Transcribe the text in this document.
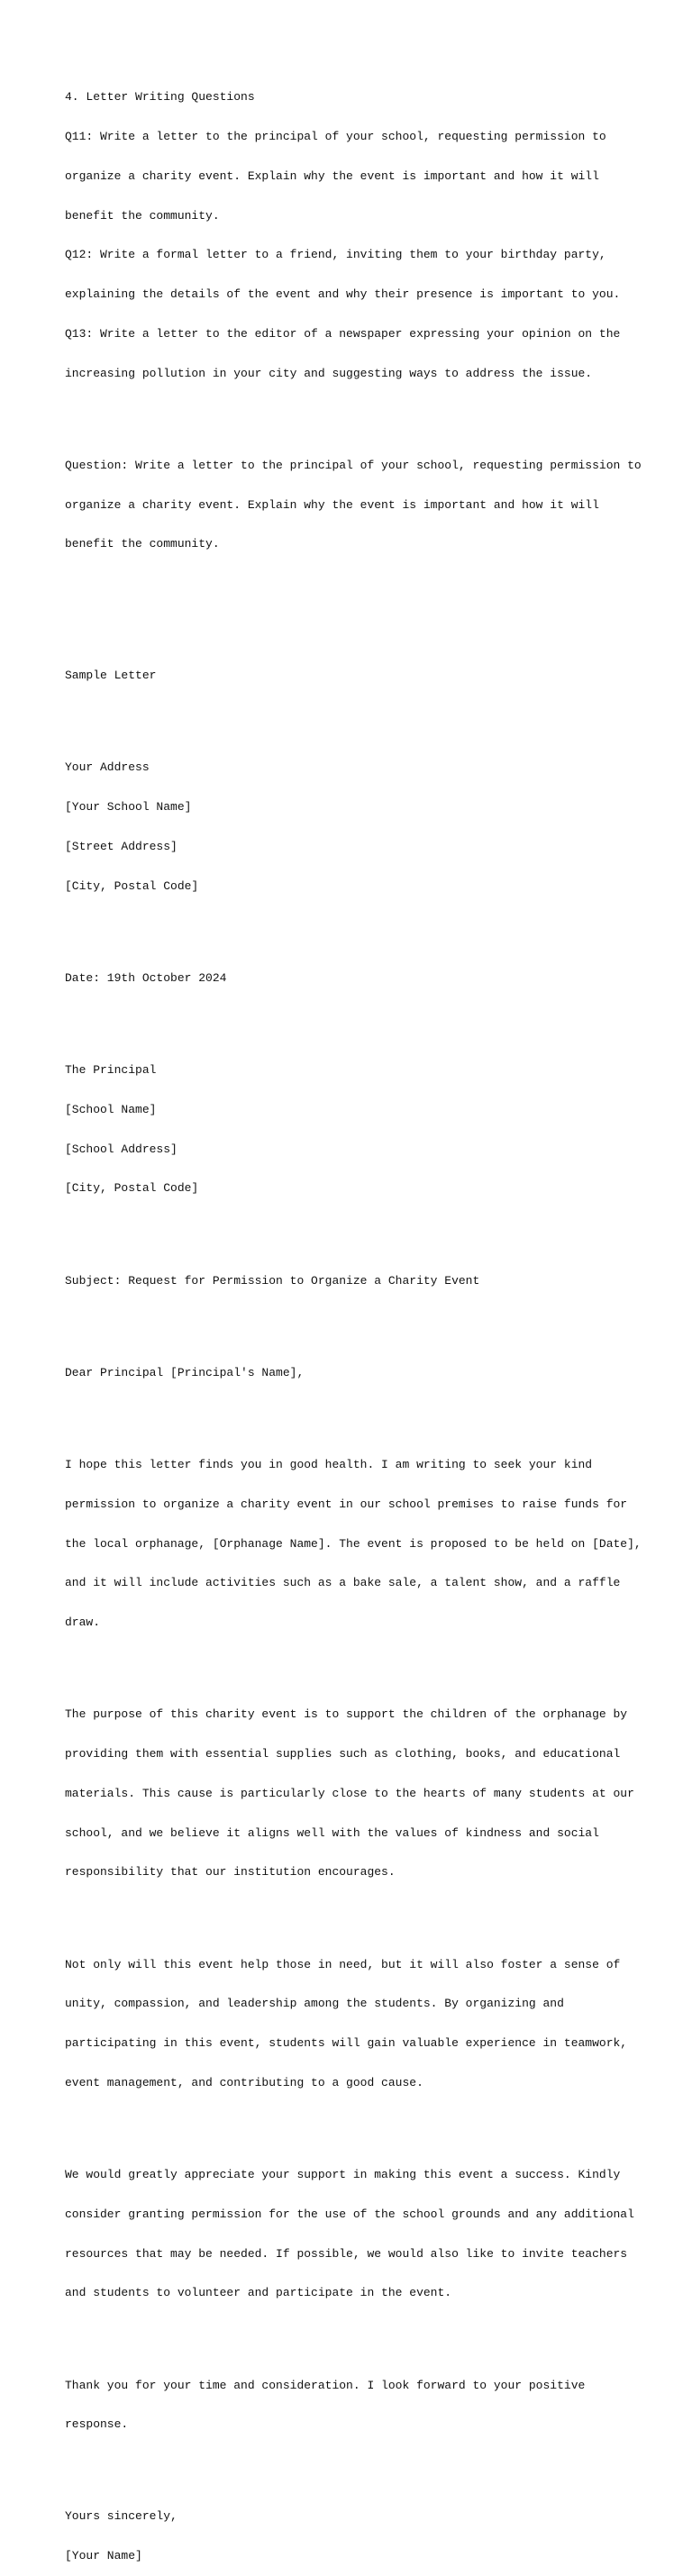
4. Letter Writing Questions

Q11: Write a letter to the principal of your school, requesting permission to

organize a charity event. Explain why the event is important and how it will

benefit the community.

Q12: Write a formal letter to a friend, inviting them to your birthday party,

explaining the details of the event and why their presence is important to you.

Q13: Write a letter to the editor of a newspaper expressing your opinion on the

increasing pollution in your city and suggesting ways to address the issue.

Question: Write a letter to the principal of your school, requesting permission to

organize a charity event. Explain why the event is important and how it will

benefit the community.

Sample Letter

Your Address

[Your School Name]

[Street Address]

[City, Postal Code]

Date: 19th October 2024

The Principal

[School Name]

[School Address]

[City, Postal Code]

Subject: Request for Permission to Organize a Charity Event

Dear Principal [Principal's Name],

I hope this letter finds you in good health. I am writing to seek your kind

permission to organize a charity event in our school premises to raise funds for

the local orphanage, [Orphanage Name]. The event is proposed to be held on [Date],

and it will include activities such as a bake sale, a talent show, and a raffle

draw.

The purpose of this charity event is to support the children of the orphanage by

providing them with essential supplies such as clothing, books, and educational

materials. This cause is particularly close to the hearts of many students at our

school, and we believe it aligns well with the values of kindness and social

responsibility that our institution encourages.

Not only will this event help those in need, but it will also foster a sense of

unity, compassion, and leadership among the students. By organizing and

participating in this event, students will gain valuable experience in teamwork,

event management, and contributing to a good cause.

We would greatly appreciate your support in making this event a success. Kindly

consider granting permission for the use of the school grounds and any additional

resources that may be needed. If possible, we would also like to invite teachers

and students to volunteer and participate in the event.

Thank you for your time and consideration. I look forward to your positive

response.

Yours sincerely,

[Your Name]
